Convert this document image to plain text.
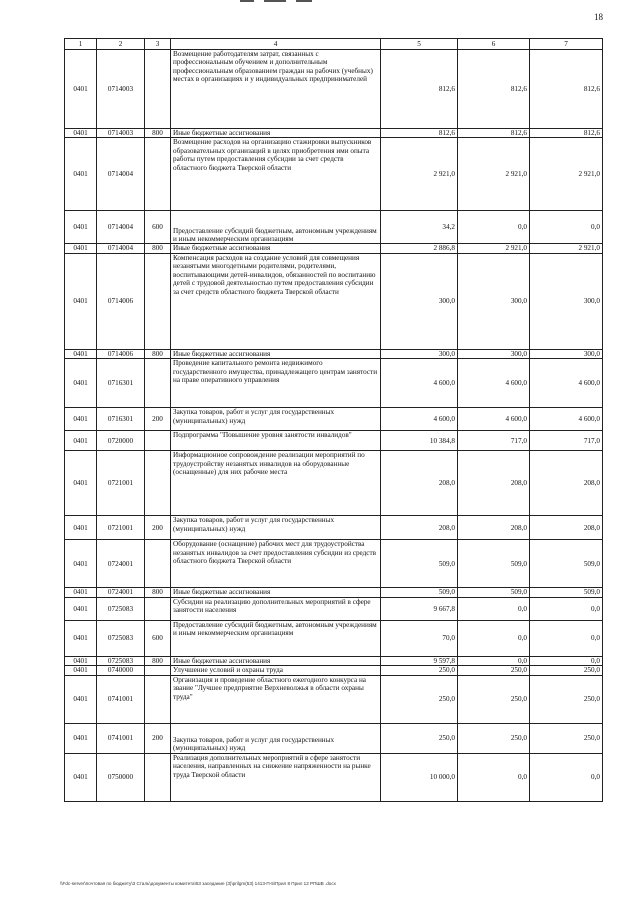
18
1	2	3	4	5	6	7
0401	0714003		Возмещение работодателям затрат, связанных с профессиональным обучением и дополнительным профессиональным образованием граждан на рабочих (учебных) местах в организациях и у индивидуальных предпринимателей	812,6	812,6	812,6
0401	0714003	800	Иные бюджетные ассигнования	812,6	812,6	812,6
0401	0714004		Возмещение расходов на организацию стажировки выпускников образовательных организаций в целях приобретения ими опыта работы путем предоставления субсидии за счет средств областного бюджета Тверской области	2 921,0	2 921,0	2 921,0
0401	0714004	600	Предоставление субсидий бюджетным, автономным учреждениям и иным некоммерческим организациям	34,2	0,0	0,0
0401	0714004	800	Иные бюджетные ассигнования	2 886,8	2 921,0	2 921,0
0401	0714006		Компенсация расходов на создание условий для совмещения незанятыми многодетными родителями, родителями, воспитывающими детей-инвалидов, обязанностей по воспитанию детей с трудовой деятельностью путем предоставления субсидии за счет средств областного бюджета Тверской области	300,0	300,0	300,0
0401	0714006	800	Иные бюджетные ассигнования	300,0	300,0	300,0
0401	0716301		Проведение капитального ремонта недвижимого государственного имущества, принадлежащего центрам занятости на праве оперативного управления	4 600,0	4 600,0	4 600,0
0401	0716301	200	Закупка товаров, работ и услуг для государственных (муниципальных) нужд	4 600,0	4 600,0	4 600,0
0401	0720000		Подпрограмма "Повышение уровня занятости инвалидов"	10 384,8	717,0	717,0
0401	0721001		Информационное сопровождение реализации мероприятий по трудоустройству незанятых инвалидов на оборудованные (оснащенные) для них рабочие места	208,0	208,0	208,0
0401	0721001	200	Закупка товаров, работ и услуг для государственных (муниципальных) нужд	208,0	208,0	208,0
0401	0724001		Оборудование (оснащение) рабочих мест для трудоустройства незанятых инвалидов за счет предоставления субсидии из средств областного бюджета Тверской области	509,0	509,0	509,0
0401	0724001	800	Иные бюджетные ассигнования	509,0	509,0	509,0
0401	0725083		Субсидии на реализацию дополнительных мероприятий в сфере занятости населения	9 667,8	0,0	0,0
0401	0725083	600	Предоставление субсидий бюджетным, автономным учреждениям и иным некоммерческим организациям	70,0	0,0	0,0
0401	0725083	800	Иные бюджетные ассигнования	9 597,8	0,0	0,0
0401	0740000		Улучшение условий и охраны труда	250,0	250,0	250,0
0401	0741001		Организация и проведение областного ежегодного конкурса на звание "Лучшее предприятие Верхневолжья в области охраны труда"	250,0	250,0	250,0
0401	0741001	200	Закупка товаров, работ и услуг для государственных (муниципальных) нужд	250,0	250,0	250,0
0401	0750000		Реализация дополнительных мероприятий в сфере занятости населения, направленных на снижение напряженности на рынке труда Тверской области	10 000,0	0,0	0,0
\\Fdc-server\почтовая по бюджету\3 Сталь\документы комитета\53 заседание (3)\prilgm(53) 1413-П-5\Прил 8 Прил 12 РПШВ .docx
